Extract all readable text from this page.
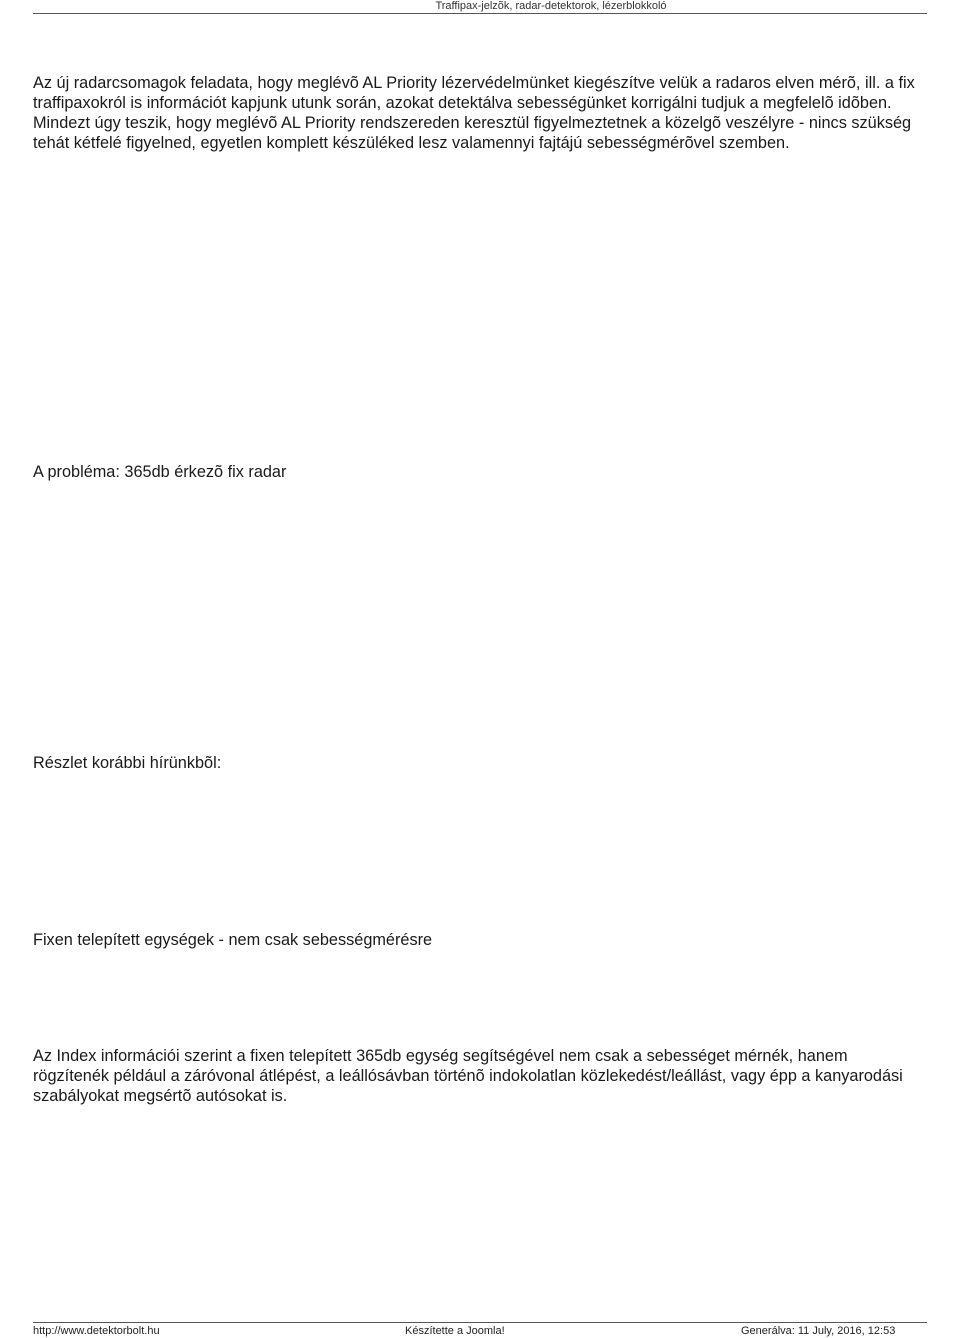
Traffipax-jelzõk, radar-detektorok, lézerblokkoló

Az új radarcsomagok feladata, hogy meglévõ AL Priority lézervédelmünket kiegészítve velük a radaros elven mérõ, ill. a fix traffipaxokról is információt kapjunk utunk során, azokat detektálva sebességünket korrigálni tudjuk a megfelelõ idõben. Mindezt úgy teszik, hogy meglévõ AL Priority rendszereden keresztül figyelmeztetnek a közelgõ veszélyre - nincs szükség tehát kétfelé figyelned, egyetlen komplett készüléked lesz valamennyi fajtájú sebességmérõvel szemben.

A probléma: 365db érkezõ fix radar

Részlet korábbi hírünkbõl:

Fixen telepített egységek - nem csak sebességmérésre

Az Index információi szerint a fixen telepített 365db egység segítségével nem csak a sebességet mérnék, hanem rögzítenék például a záróvonal átlépést, a leállósávban történõ indokolatlan közlekedést/leállást, vagy épp a kanyarodási szabályokat megsértõ autósokat is.

http://www.detektorbolt.hu	Készítette a Joomla!	Generálva: 11 July, 2016, 12:53
